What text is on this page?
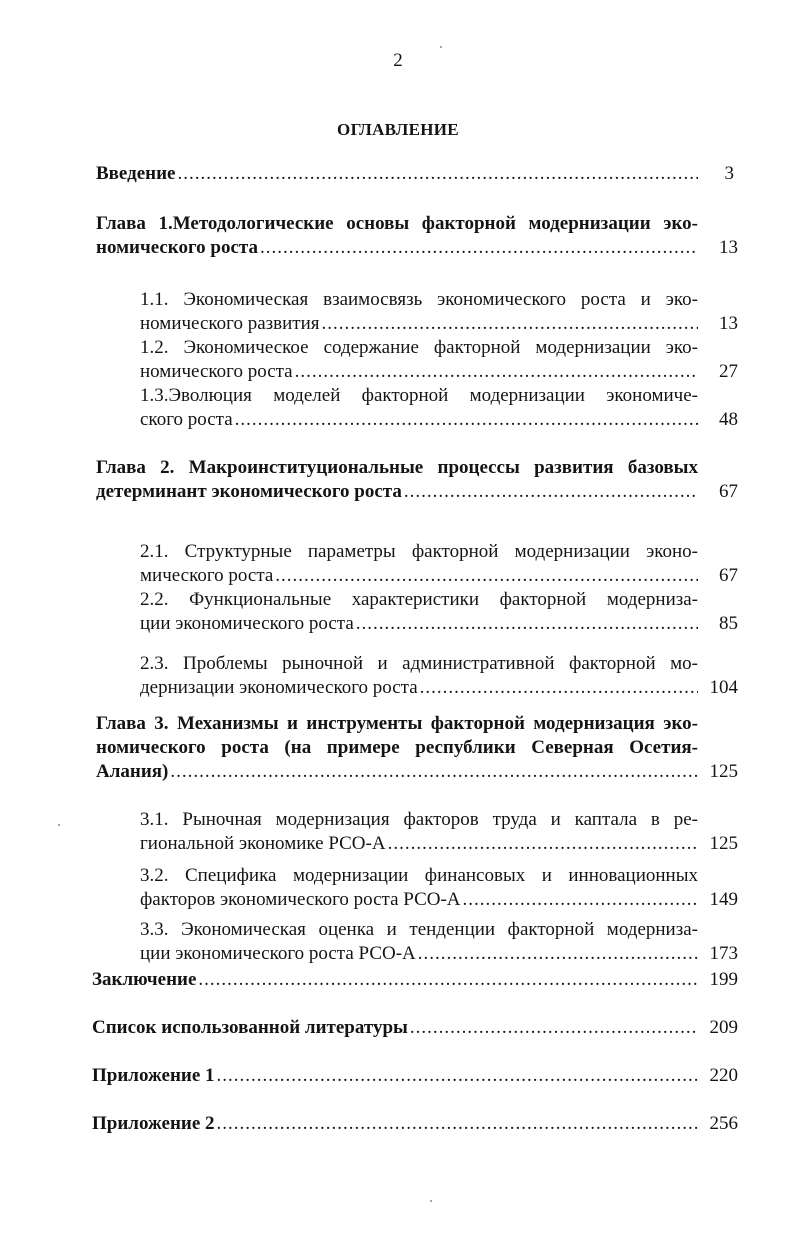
2
ОГЛАВЛЕНИЕ
Введение .....	3
Глава 1.Методологические основы факторной модернизации эко-
номического роста .....	13
1.1. Экономическая взаимосвязь экономического роста и эко-
номического развития .....	13
1.2. Экономическое содержание факторной модернизации эко-
номического роста .....	27
1.3.Эволюция моделей факторной модернизации экономиче-
ского роста .....	48
Глава 2. Макроинституциональные процессы развития базовых
детерминант экономического роста .....	67
2.1. Структурные параметры факторной модернизации эконо-
мического роста .....	67
2.2. Функциональные характеристики факторной модерниза-
ции экономического роста .....	85
2.3. Проблемы рыночной и административной факторной мо-
дернизации экономического роста .....	104
Глава 3. Механизмы и инструменты факторной модернизация эко-
номического роста (на примере республики Северная Осетия-
Алания) .....	125
3.1. Рыночная модернизация факторов труда и каптала в ре-
гиональной экономике РСО-А .....	125
3.2. Специфика модернизации финансовых и инновационных
факторов экономического роста РСО-А .....	149
3.3. Экономическая оценка и тенденции факторной модерниза-
ции экономического роста РСО-А .....	173
Заключение .....	199
Список использованной литературы .....	209
Приложение 1 .....	220
Приложение 2 .....	256
